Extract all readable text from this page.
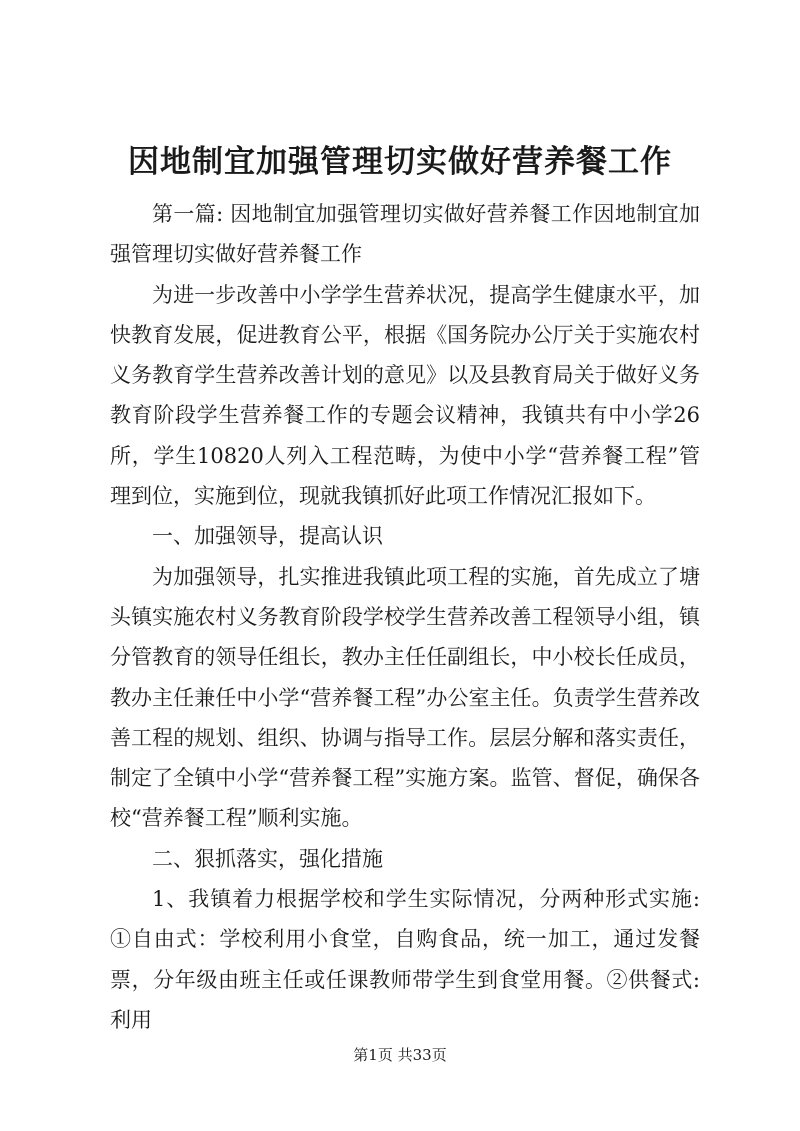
因地制宜加强管理切实做好营养餐工作

第一篇: 因地制宜加强管理切实做好营养餐工作因地制宜加强管理切实做好营养餐工作

为进一步改善中小学学生营养状况，提高学生健康水平，加快教育发展，促进教育公平，根据《国务院办公厅关于实施农村义务教育学生营养改善计划的意见》以及县教育局关于做好义务教育阶段学生营养餐工作的专题会议精神，我镇共有中小学26所，学生10820人列入工程范畴，为使中小学“营养餐工程”管理到位，实施到位，现就我镇抓好此项工作情况汇报如下。

一、加强领导，提高认识

为加强领导，扎实推进我镇此项工程的实施，首先成立了塘头镇实施农村义务教育阶段学校学生营养改善工程领导小组，镇分管教育的领导任组长，教办主任任副组长，中小校长任成员，教办主任兼任中小学“营养餐工程”办公室主任。负责学生营养改善工程的规划、组织、协调与指导工作。层层分解和落实责任，制定了全镇中小学“营养餐工程”实施方案。监管、督促，确保各校“营养餐工程”顺利实施。

二、狠抓落实，强化措施

1、我镇着力根据学校和学生实际情况，分两种形式实施: ①自由式：学校利用小食堂，自购食品，统一加工，通过发餐票，分年级由班主任或任课教师带学生到食堂用餐。②供餐式: 利用

第1页 共33页
